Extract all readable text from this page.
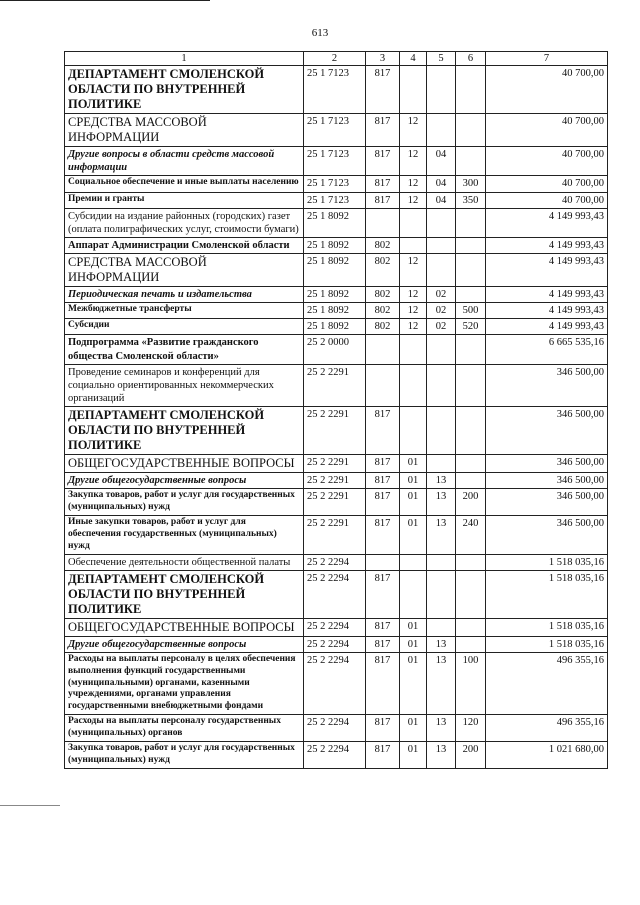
613
1	2	3	4	5	6	7
ДЕПАРТАМЕНТ СМОЛЕНСКОЙ ОБЛАСТИ ПО ВНУТРЕННЕЙ ПОЛИТИКЕ	25 1 7123	817				40 700,00
СРЕДСТВА МАССОВОЙ ИНФОРМАЦИИ	25 1 7123	817	12			40 700,00
Другие вопросы в области средств массовой информации	25 1 7123	817	12	04		40 700,00
Социальное обеспечение и иные выплаты населению	25 1 7123	817	12	04	300	40 700,00
Премии и гранты	25 1 7123	817	12	04	350	40 700,00
Субсидии на издание районных (городских) газет (оплата полиграфических услуг, стоимости бумаги)	25 1 8092					4 149 993,43
Аппарат Администрации Смоленской области	25 1 8092	802				4 149 993,43
СРЕДСТВА МАССОВОЙ ИНФОРМАЦИИ	25 1 8092	802	12			4 149 993,43
Периодическая печать и издательства	25 1 8092	802	12	02		4 149 993,43
Межбюджетные трансферты	25 1 8092	802	12	02	500	4 149 993,43
Субсидии	25 1 8092	802	12	02	520	4 149 993,43
Подпрограмма «Развитие гражданского общества Смоленской области»	25 2 0000					6 665 535,16
Проведение семинаров и конференций для социально ориентированных некоммерческих организаций	25 2 2291					346 500,00
ДЕПАРТАМЕНТ СМОЛЕНСКОЙ ОБЛАСТИ ПО ВНУТРЕННЕЙ ПОЛИТИКЕ	25 2 2291	817				346 500,00
ОБЩЕГОСУДАРСТВЕННЫЕ ВОПРОСЫ	25 2 2291	817	01			346 500,00
Другие общегосударственные вопросы	25 2 2291	817	01	13		346 500,00
Закупка товаров, работ и услуг для государственных (муниципальных) нужд	25 2 2291	817	01	13	200	346 500,00
Иные закупки товаров, работ и услуг для обеспечения государственных (муниципальных) нужд	25 2 2291	817	01	13	240	346 500,00
Обеспечение деятельности общественной палаты	25 2 2294					1 518 035,16
ДЕПАРТАМЕНТ СМОЛЕНСКОЙ ОБЛАСТИ ПО ВНУТРЕННЕЙ ПОЛИТИКЕ	25 2 2294	817				1 518 035,16
ОБЩЕГОСУДАРСТВЕННЫЕ ВОПРОСЫ	25 2 2294	817	01			1 518 035,16
Другие общегосударственные вопросы	25 2 2294	817	01	13		1 518 035,16
Расходы на выплаты персоналу в целях обеспечения выполнения функций государственными (муниципальными) органами, казенными учреждениями, органами управления государственными внебюджетными фондами	25 2 2294	817	01	13	100	496 355,16
Расходы на выплаты персоналу государственных (муниципальных) органов	25 2 2294	817	01	13	120	496 355,16
Закупка товаров, работ и услуг для государственных (муниципальных) нужд	25 2 2294	817	01	13	200	1 021 680,00
